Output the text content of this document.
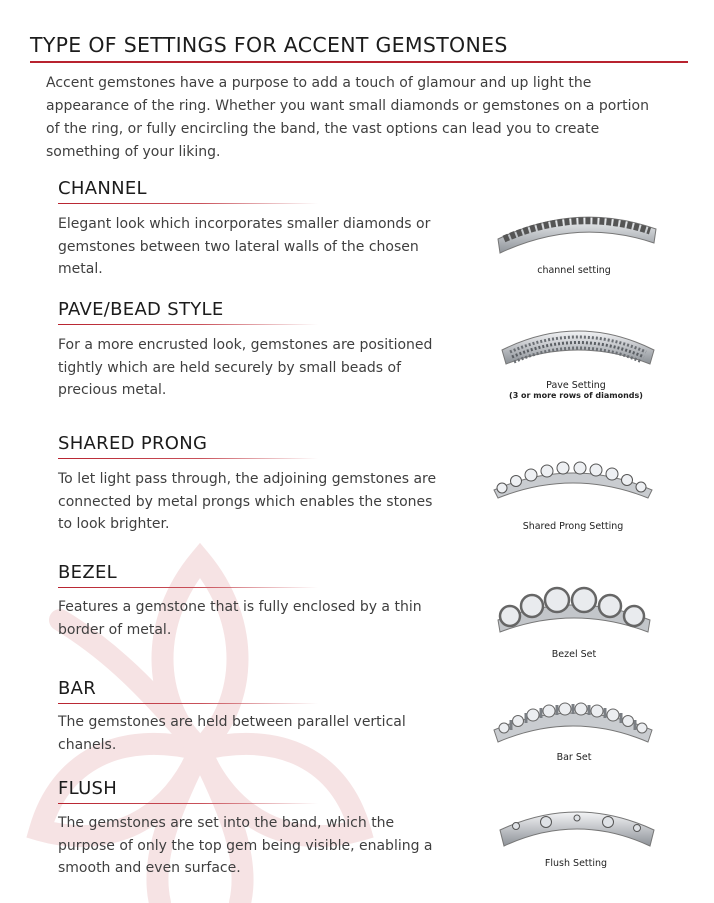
TYPE OF SETTINGS FOR ACCENT GEMSTONES

Accent gemstones have a purpose to add a touch of glamour and up light the appearance of the ring. Whether you want small diamonds or gemstones on a portion of the ring, or fully encircling the band, the vast options can lead you to create something of your liking.

CHANNEL

Elegant look which incorporates smaller diamonds or gemstones between two lateral walls of the chosen metal.	channel setting
PAVE/BEAD STYLE

For a more encrusted look, gemstones are positioned tightly which are held securely by small beads of precious metal.	Pave Setting
(3 or more rows of diamonds)
SHARED PRONG

To let light pass through, the adjoining gemstones are connected by metal prongs which enables the stones to look brighter.	Shared Prong Setting
BEZEL

Features a gemstone that is fully enclosed by a thin border of metal.

Bezel Set
BAR

The gemstones are held between parallel vertical chanels.

Bar Set
FLUSH

The gemstones are set into the band, which the purpose of only the top gem being visible, enabling a smooth and even surface.	Flush Setting
